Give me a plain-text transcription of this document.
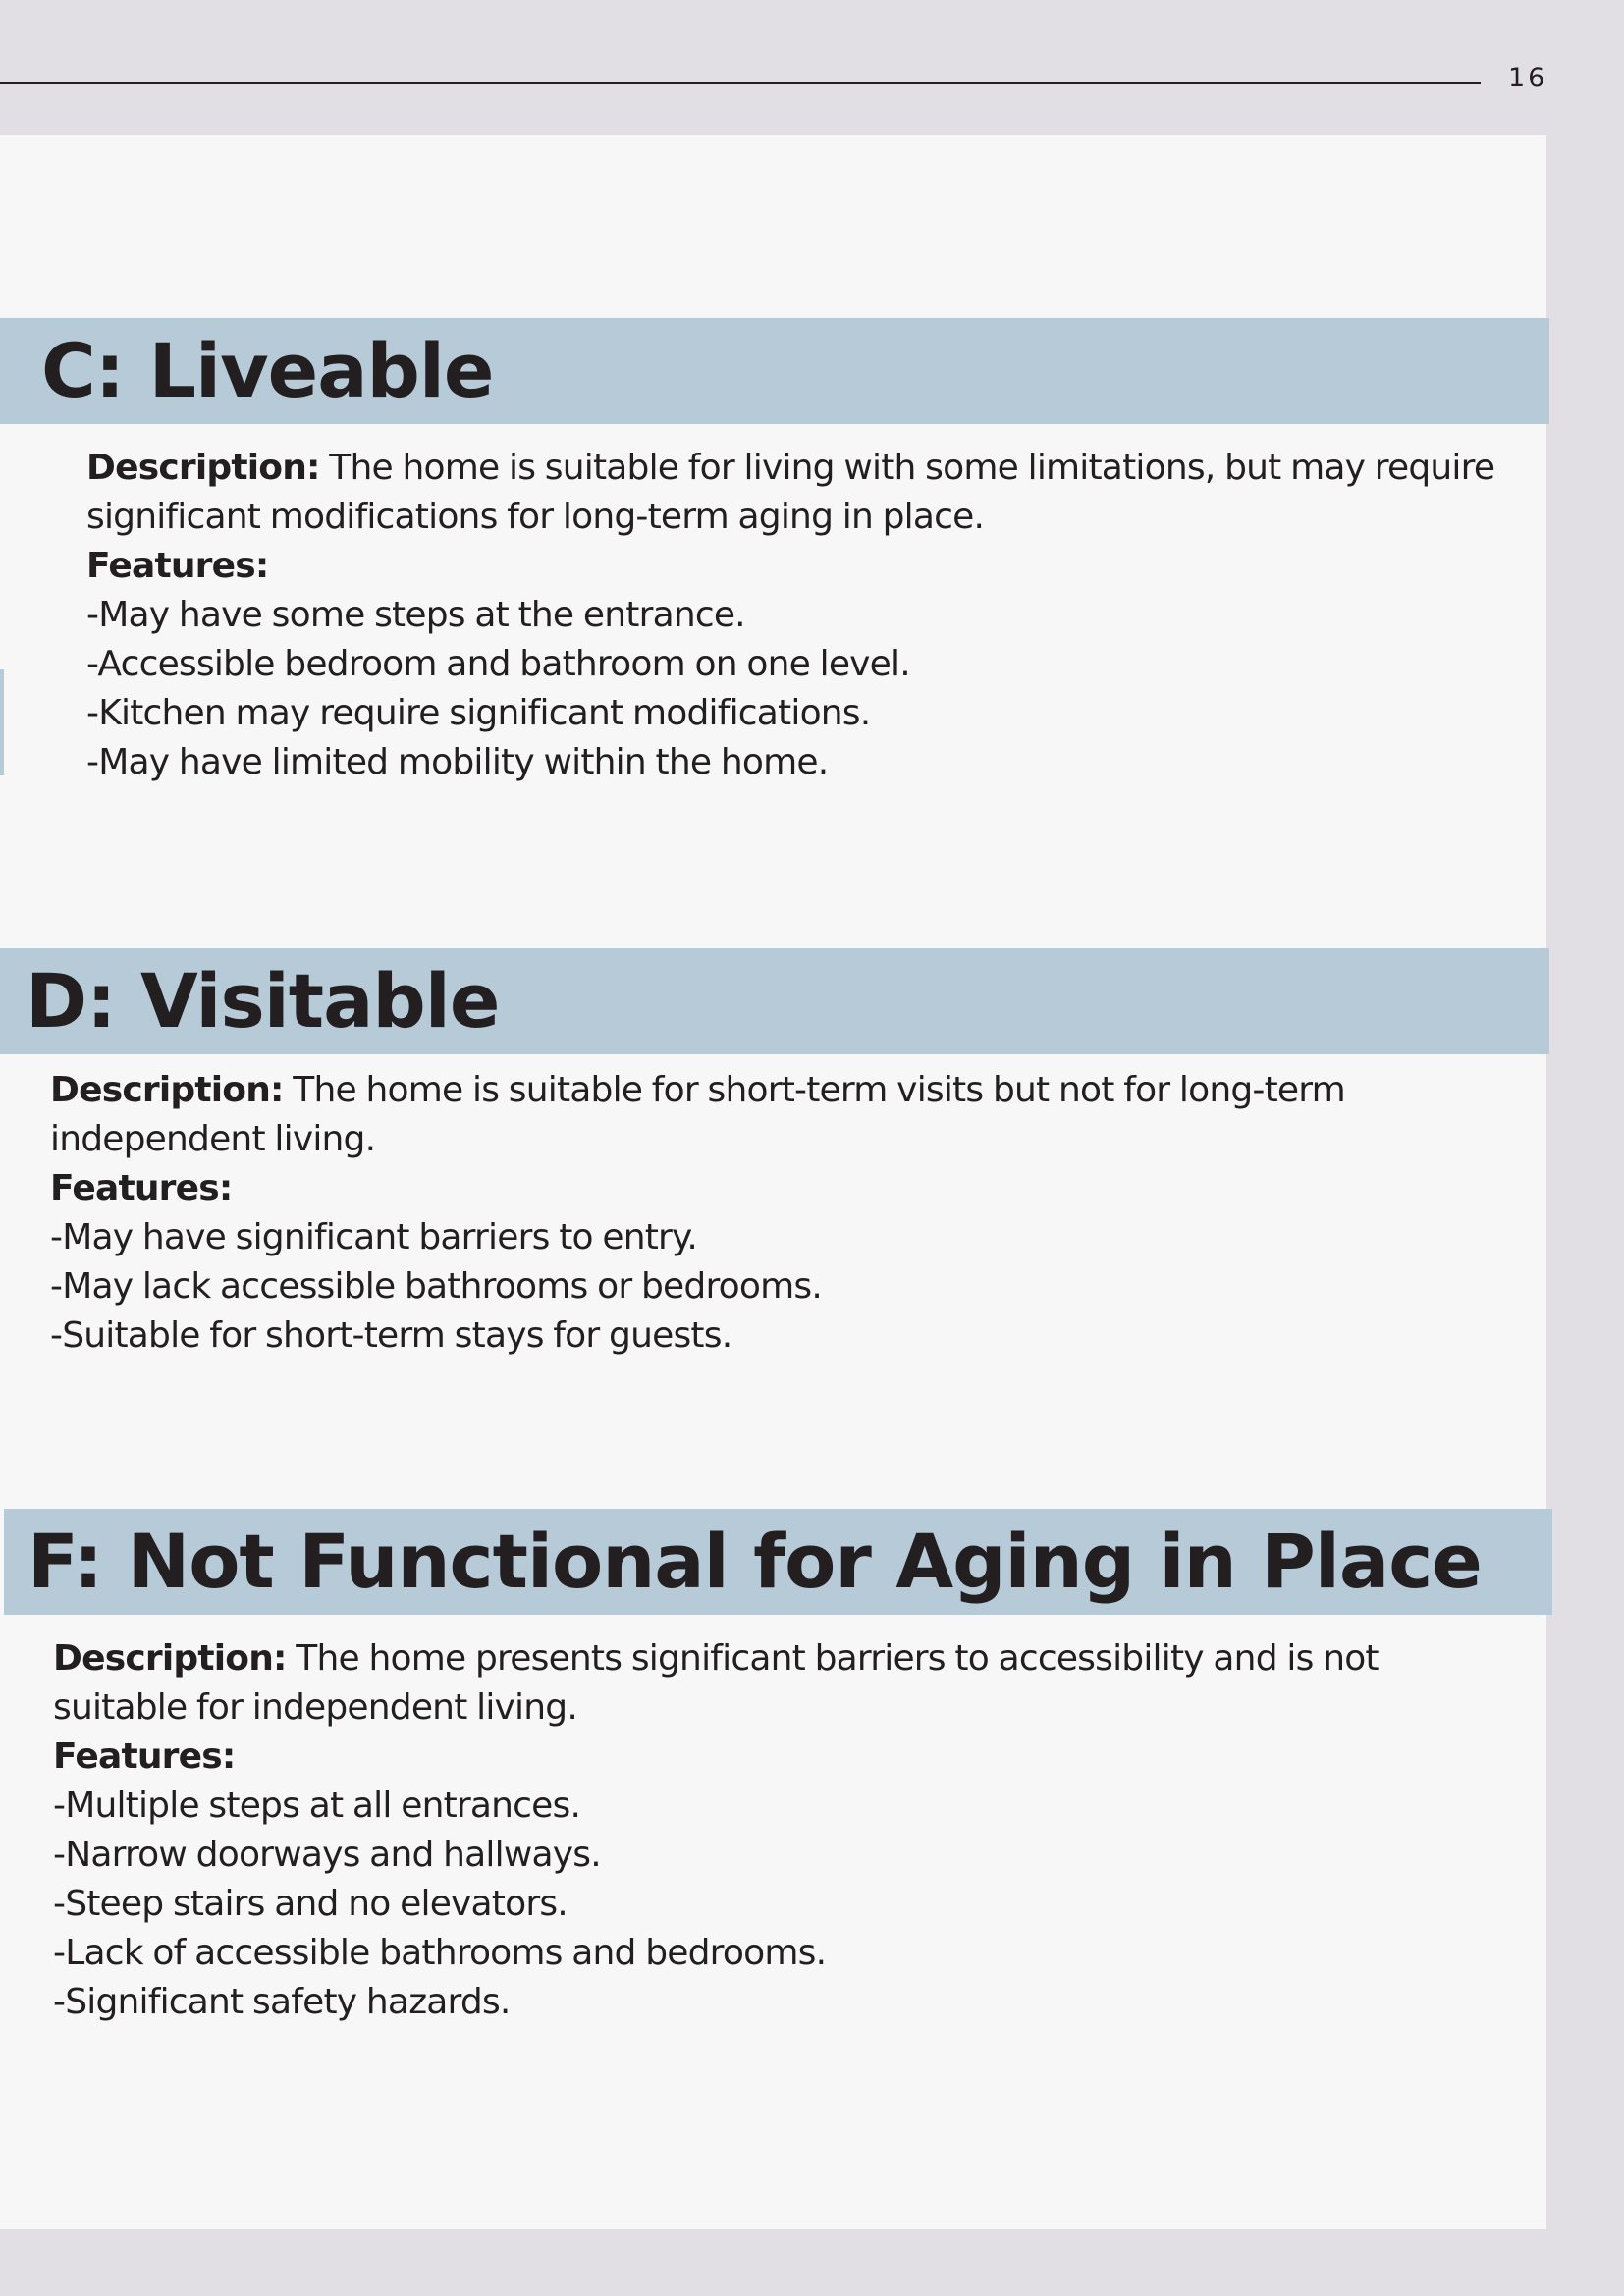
16
C: Liveable

Description: The home is suitable for living with some limitations, but may require

significant modifications for long-term aging in place.

Features:

-May have some steps at the entrance.

-Accessible bedroom and bathroom on one level.

-Kitchen may require significant modifications.

-May have limited mobility within the home.

D: Visitable

Description: The home is suitable for short-term visits but not for long-term

independent living.

Features:

-May have significant barriers to entry.

-May lack accessible bathrooms or bedrooms.

-Suitable for short-term stays for guests.

F: Not Functional for Aging in Place

Description: The home presents significant barriers to accessibility and is not

suitable for independent living.

Features:

-Multiple steps at all entrances.

-Narrow doorways and hallways.

-Steep stairs and no elevators.

-Lack of accessible bathrooms and bedrooms.

-Significant safety hazards.
